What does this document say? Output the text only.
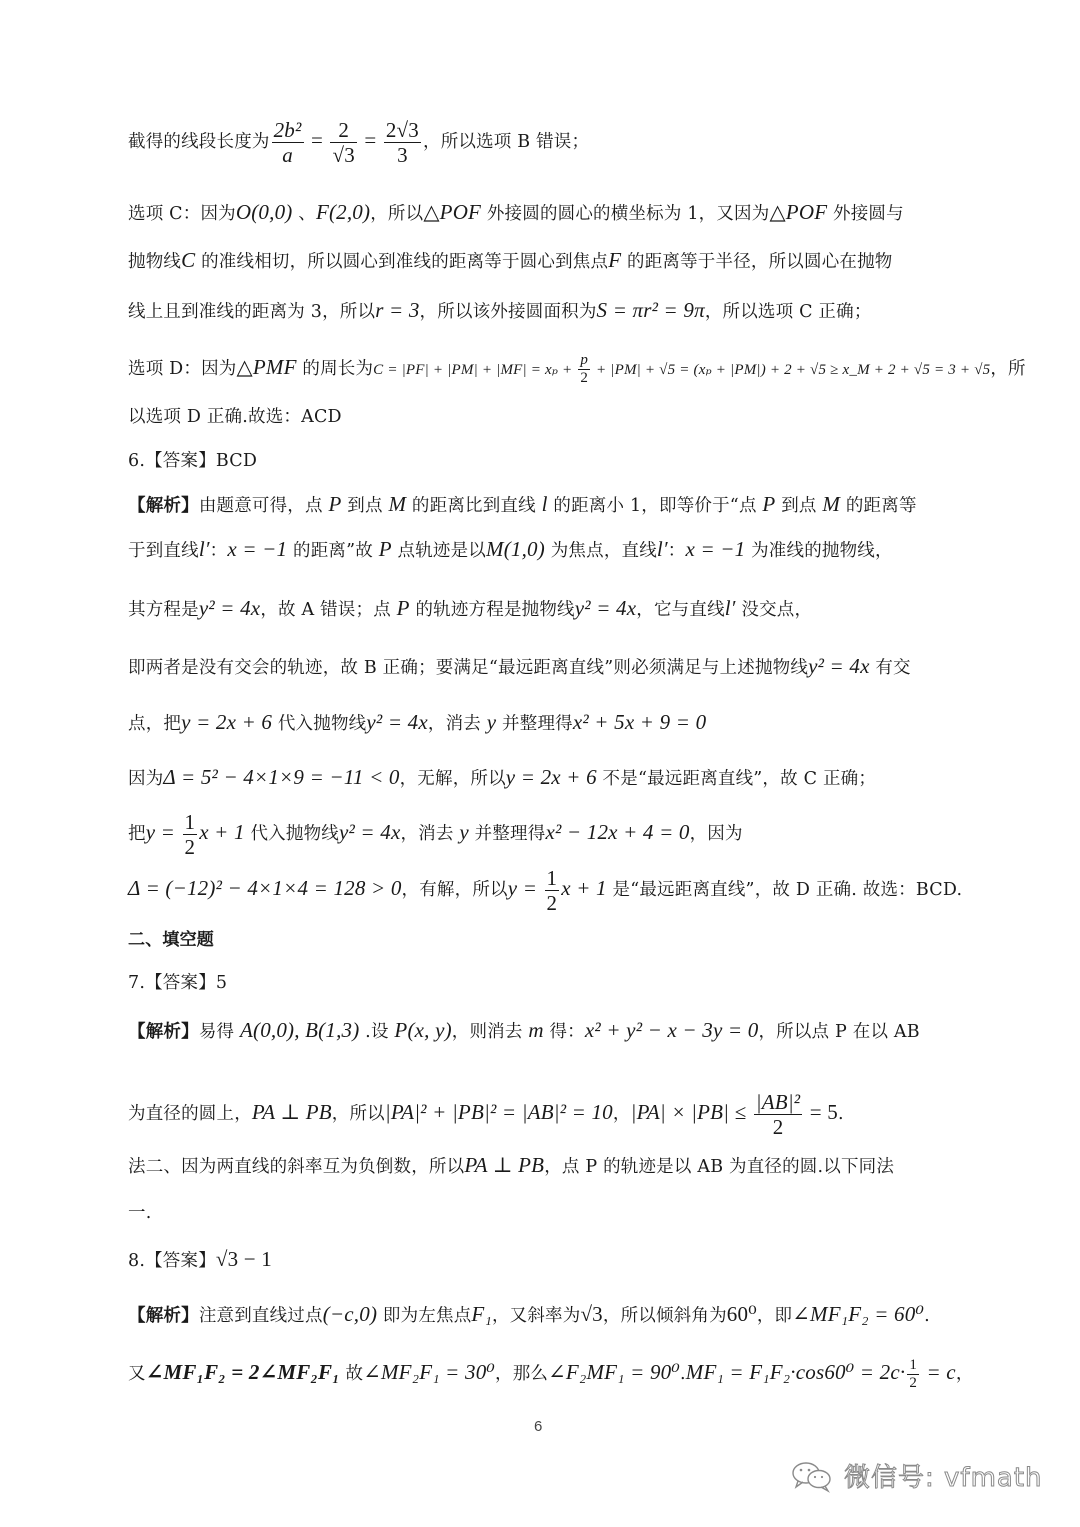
截得的线段长度为 $\frac{\text{2b²}}{a} = \frac{2}{√3} = \frac{2√3}{3}$ ，所以选项 B 错误；
选项 C：因为O(0,0) 、F(2,0)，所以△POF 外接圆的圆心的横坐标为 1，又因为△POF 外接圆与
抛物线C 的准线相切，所以圆心到准线的距离等于圆心到焦点F 的距离等于半径，所以圆心在抛物
线上且到准线的距离为 3，所以r = 3，所以该外接圆面积为S = πr² = 9π，所以选项 C 正确；
选项 D：因为△PMF 的周长为$C = |PF| + |PM| + |MF| = x_p + \frac{p}{2} + |PM| + √5 = (x_p + |PM|) + 2 + √5$ ≥ x_M + 2 + √5 = 3 + √5，所
以选项 D 正确.故选：ACD
6.【答案】BCD
【解析】由题意可得，点 P 到点 M 的距离比到直线 l 的距离小 1，即等价于“点 P 到点 M 的距离等
于到直线l′：x = −1 的距离”故 P 点轨迹是以M(1,0) 为焦点，直线l′：x = −1 为准线的抛物线，
其方程是y² = 4x，故 A 错误；点 P 的轨迹方程是抛物线y² = 4x，它与直线l′ 没交点，
即两者是没有交会的轨迹，故 B 正确；要满足“最远距离直线”则必须满足与上述抛物线y² = 4x 有交
点，把y = 2x + 6 代入抛物线y² = 4x，消去 y 并整理得x² + 5x + 9 = 0
因为Δ = 5² − 4×1×9 = −11 < 0，无解，所以y = 2x + 6 不是“最远距离直线”，故 C 正确；
把$y = \frac{1}{2}$ x + 1 代入抛物线y² = 4x，消去 y 并整理得x² − 12x + 4 = 0，因为
Δ = (−12)² − 4×1×4 = 128 > 0，有解，所以$y = \frac{1}{2}$ x + 1 是“最远距离直线”，故 D 正确. 故选：BCD.
二、填空题
7.【答案】5
【解析】易得 A(0,0), B(1,3) .设 P(x, y)，则消去 m 得：x² + y² − x − 3y = 0，所以点 P 在以 AB
为直径的圆上，PA ⊥ PB，所以|PA|² + |PB|² = |AB|² = 10，$|PA| \times |PB| \le \frac{\text{|AB|²}}{2} = 5$.
法二、因为两直线的斜率互为负倒数，所以PA ⊥ PB，点 P 的轨迹是以 AB 为直径的圆.以下同法
一.
8.【答案】√3 − 1
【解析】注意到直线过点(−c,0) 即为左焦点F₁，又斜率为√3，所以倾斜角为60⁰，即∠MF₁F₂ = 60⁰.
又∠MF₁F₂ = 2∠MF₂F₁ 故∠MF₂F₁ = 30⁰，那么∠F₂MF₁ = $90^0.MF_1 = F_1F_2\cdot\cos 60^0 = 2c\cdot \frac{1}{2} = c$，
6
微信号: vfmath
